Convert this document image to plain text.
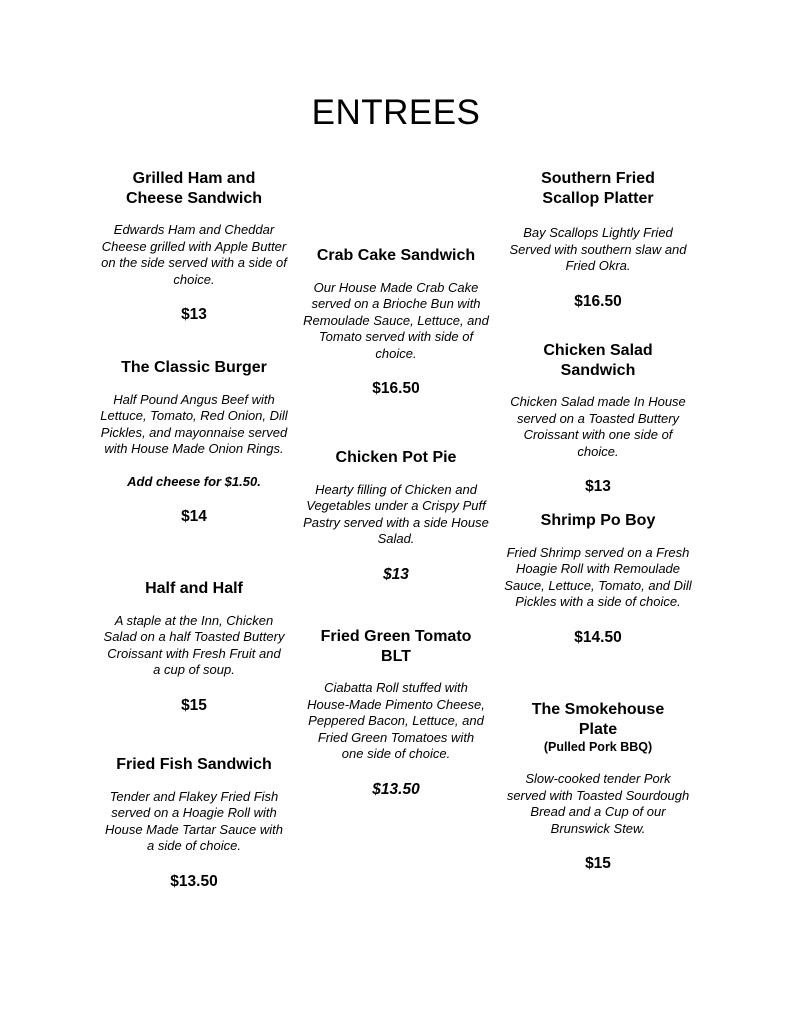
ENTREES
Grilled Ham and Cheese Sandwich
Edwards Ham and Cheddar Cheese grilled with Apple Butter on the side served with a side of choice.
$13
The Classic Burger
Half Pound Angus Beef with Lettuce, Tomato, Red Onion, Dill Pickles, and mayonnaise served with House Made Onion Rings.
Add cheese for $1.50.
$14
Half and Half
A staple at the Inn, Chicken Salad on a half Toasted Buttery Croissant with Fresh Fruit and a cup of soup.
$15
Fried Fish Sandwich
Tender and Flakey Fried Fish served on a Hoagie Roll with House Made Tartar Sauce with a side of choice.
$13.50
Crab Cake Sandwich
Our House Made Crab Cake served on a Brioche Bun with Remoulade Sauce, Lettuce, and Tomato served with side of choice.
$16.50
Chicken Pot Pie
Hearty filling of Chicken and Vegetables under a Crispy Puff Pastry served with a side House Salad.
$13
Fried Green Tomato BLT
Ciabatta Roll stuffed with House-Made Pimento Cheese, Peppered Bacon, Lettuce, and Fried Green Tomatoes with one side of choice.
$13.50
Southern Fried Scallop Platter
Bay Scallops Lightly Fried Served with southern slaw and Fried Okra.
$16.50
Chicken Salad Sandwich
Chicken Salad made In House served on a Toasted Buttery Croissant with one side of choice.
$13
Shrimp Po Boy
Fried Shrimp served on a Fresh Hoagie Roll with Remoulade Sauce, Lettuce, Tomato, and Dill Pickles with a side of choice.
$14.50
The Smokehouse Plate
(Pulled Pork BBQ)
Slow-cooked tender Pork served with Toasted Sourdough Bread and a Cup of our Brunswick Stew.
$15
